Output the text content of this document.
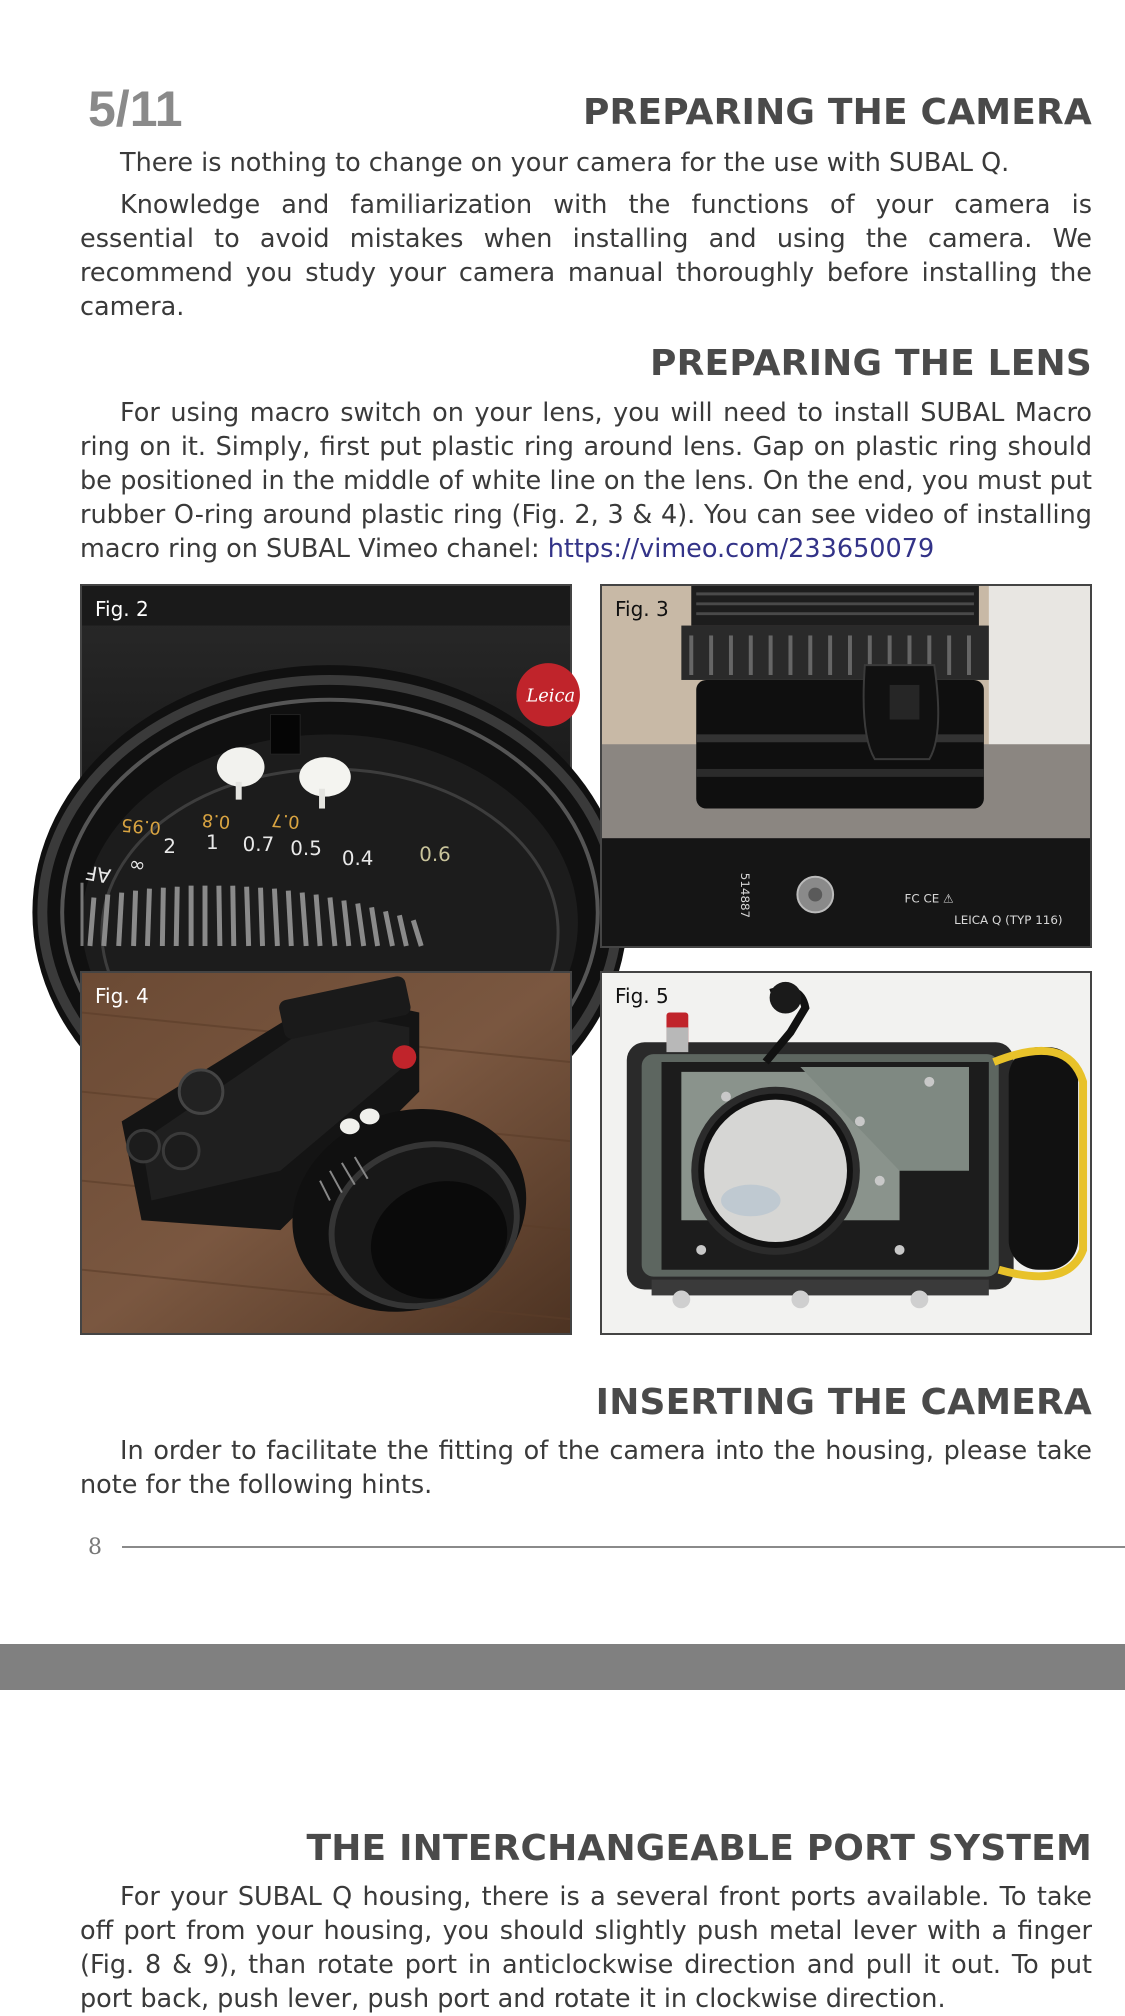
5/11	PREPARING THE CAMERA

There is nothing to change on your camera for the use with SUBAL Q.

Knowledge and familiarization with the functions of your camera is essential to avoid mistakes when installing and using the camera. We recommend you study your camera manual thoroughly before installing the camera.

PREPARING THE LENS

For using macro switch on your lens, you will need to install SUBAL Macro ring on it. Simply, first put plastic ring around lens. Gap on plastic ring should be positioned in the middle of white line on the lens. On the end, you must put rubber O-ring around plastic ring (Fig. 2, 3 & 4). You can see video of installing macro ring on SUBAL Vimeo chanel: https://vimeo.com/233650079

0.95 0.8 0.7
AF ∞
2 1 0.7 0.5 0.4 0.6
Leica
Fig. 2
514887	FC CE ⚠
LEICA Q (TYP 116)
Fig. 3
Fig. 4	Fig. 5
INSERTING THE CAMERA

In order to facilitate the fitting of the camera into the housing, please take note for the following hints.

8
THE INTERCHANGEABLE PORT SYSTEM

For your SUBAL Q housing, there is a several front ports available. To take off port from your housing, you should slightly push metal lever with a finger (Fig. 8 & 9), than rotate port in anticlockwise direction and pull it out. To put port back, push lever, push port and rotate it in clockwise direction.
